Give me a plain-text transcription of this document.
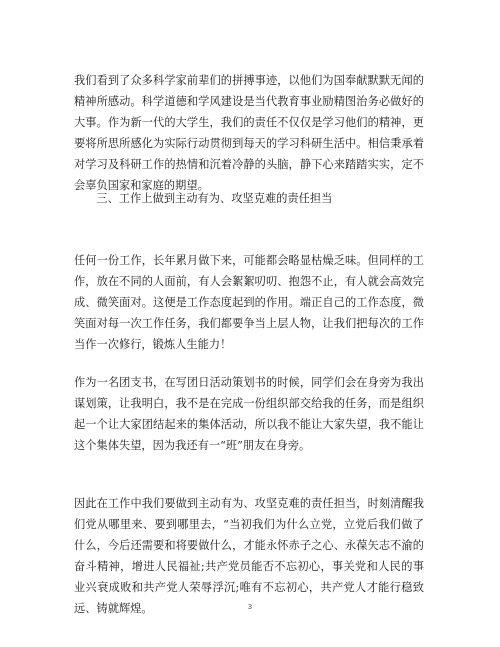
我们看到了众多科学家前辈们的拼搏事迹，以他们为国奉献默默无闻的精神所感动。科学道德和学风建设是当代教育事业励精图治务必做好的大事。作为新一代的大学生，我们的责任不仅仅是学习他们的精神，更要将所思所感化为实际行动贯彻到每天的学习科研生活中。相信秉承着对学习及科研工作的热情和沉着冷静的头脑，静下心来踏踏实实，定不会辜负国家和家庭的期望。

三、工作上做到主动有为、攻坚克难的责任担当

任何一份工作，长年累月做下来，可能都会略显枯燥乏味。但同样的工作，放在不同的人面前，有人会絮絮叨叨、抱怨不止，有人就会高效完成、微笑面对。这便是工作态度起到的作用。端正自己的工作态度，微笑面对每一次工作任务，我们都要争当上层人物，让我们把每次的工作当作一次修行，锻炼人生能力！

作为一名团支书，在写团日活动策划书的时候，同学们会在身旁为我出谋划策，让我明白，我不是在完成一份组织部交给我的任务，而是组织起一个让大家团结起来的集体活动，所以我不能让大家失望，我不能让这个集体失望，因为我还有一“班”朋友在身旁。

因此在工作中我们要做到主动有为、攻坚克难的责任担当，时刻清醒我们党从哪里来、要到哪里去，“当初我们为什么立党，立党后我们做了什么，今后还需要和将要做什么，才能永怀赤子之心、永葆矢志不渝的奋斗精神，增进人民福祉;共产党员能否不忘初心，事关党和人民的事业兴衰成败和共产党人荣辱浮沉;唯有不忘初心，共产党人才能行稳致远、铸就辉煌。	3
